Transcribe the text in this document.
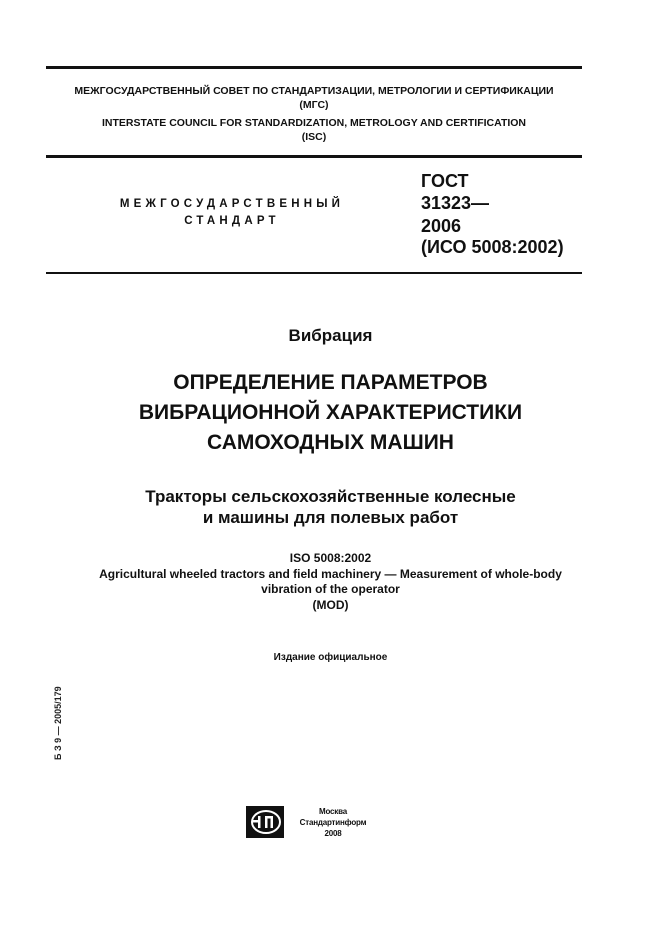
МЕЖГОСУДАРСТВЕННЫЙ СОВЕТ ПО СТАНДАРТИЗАЦИИ, МЕТРОЛОГИИ И СЕРТИФИКАЦИИ
(МГС)
INTERSTATE COUNCIL FOR STANDARDIZATION, METROLOGY AND CERTIFICATION
(ISC)
МЕЖГОСУДАРСТВЕННЫЙ
СТАНДАРТ
ГОСТ
31323—
2006
(ИСО 5008:2002)
Вибрация
ОПРЕДЕЛЕНИЕ ПАРАМЕТРОВ
ВИБРАЦИОННОЙ ХАРАКТЕРИСТИКИ
САМОХОДНЫХ МАШИН
Тракторы сельскохозяйственные колесные
и машины для полевых работ
ISO 5008:2002
Agricultural wheeled tractors and field machinery — Measurement of whole-body
vibration of the operator
(MOD)
Издание официальное
Б З 9 — 2005/179
Москва
Стандартинформ
2008
